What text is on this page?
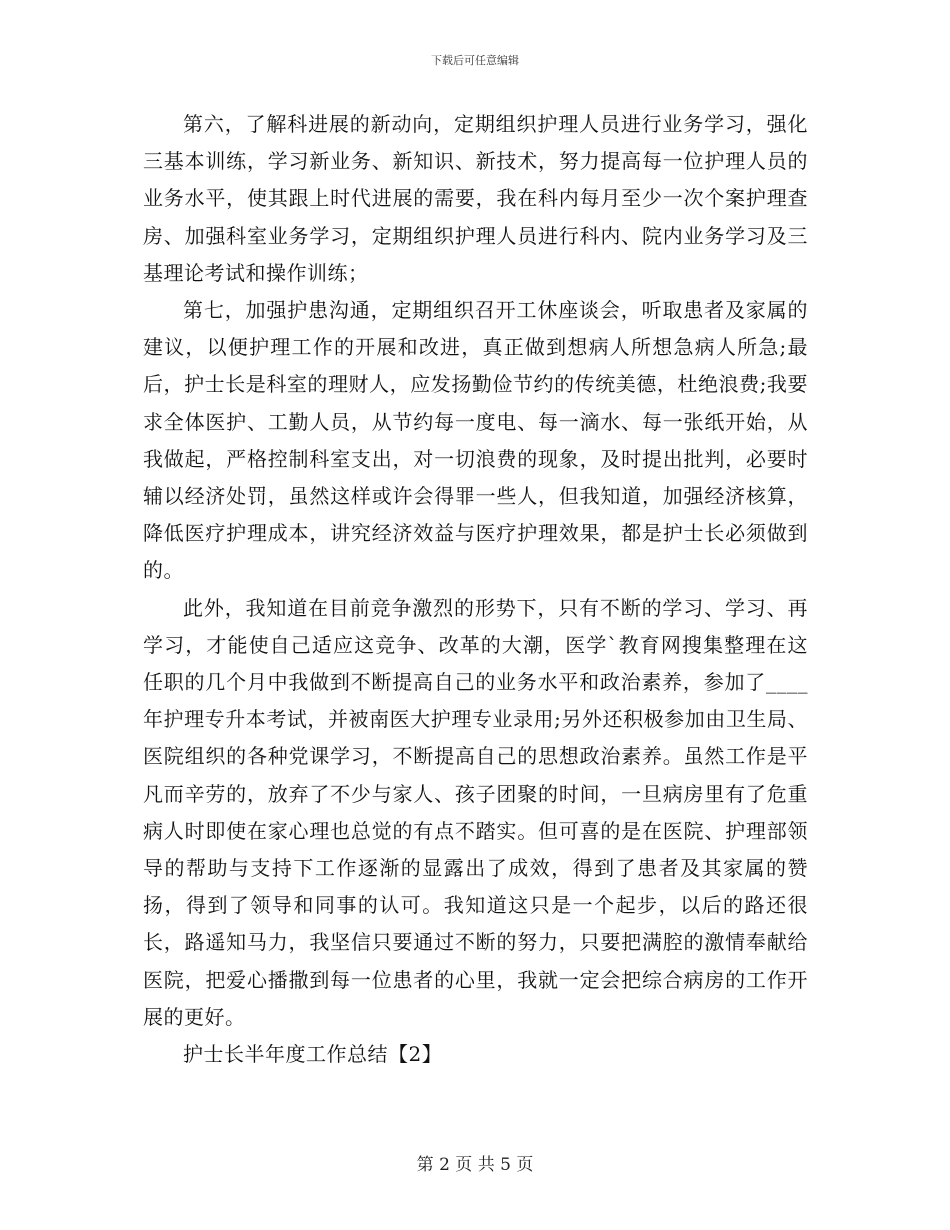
下载后可任意编辑

第六，了解科进展的新动向，定期组织护理人员进行业务学习，强化三基本训练，学习新业务、新知识、新技术，努力提高每一位护理人员的业务水平，使其跟上时代进展的需要，我在科内每月至少一次个案护理查房、加强科室业务学习，定期组织护理人员进行科内、院内业务学习及三基理论考试和操作训练；

第七，加强护患沟通，定期组织召开工休座谈会，听取患者及家属的建议，以便护理工作的开展和改进，真正做到想病人所想急病人所急;最后，护士长是科室的理财人，应发扬勤俭节约的传统美德，杜绝浪费;我要求全体医护、工勤人员，从节约每一度电、每一滴水、每一张纸开始，从我做起，严格控制科室支出，对一切浪费的现象，及时提出批判，必要时辅以经济处罚，虽然这样或许会得罪一些人，但我知道，加强经济核算，降低医疗护理成本，讲究经济效益与医疗护理效果，都是护士长必须做到的。

此外，我知道在目前竞争激烈的形势下，只有不断的学习、学习、再学习，才能使自己适应这竞争、改革的大潮，医学`教育网搜集整理在这任职的几个月中我做到不断提高自己的业务水平和政治素养，参加了____年护理专升本考试，并被南医大护理专业录用;另外还积极参加由卫生局、医院组织的各种党课学习，不断提高自己的思想政治素养。虽然工作是平凡而辛劳的，放弃了不少与家人、孩子团聚的时间，一旦病房里有了危重病人时即使在家心理也总觉的有点不踏实。但可喜的是在医院、护理部领导的帮助与支持下工作逐渐的显露出了成效，得到了患者及其家属的赞扬，得到了领导和同事的认可。我知道这只是一个起步，以后的路还很长，路遥知马力，我坚信只要通过不断的努力，只要把满腔的激情奉献给医院，把爱心播撒到每一位患者的心里，我就一定会把综合病房的工作开展的更好。

护士长半年度工作总结【2】

第 2 页 共 5 页
